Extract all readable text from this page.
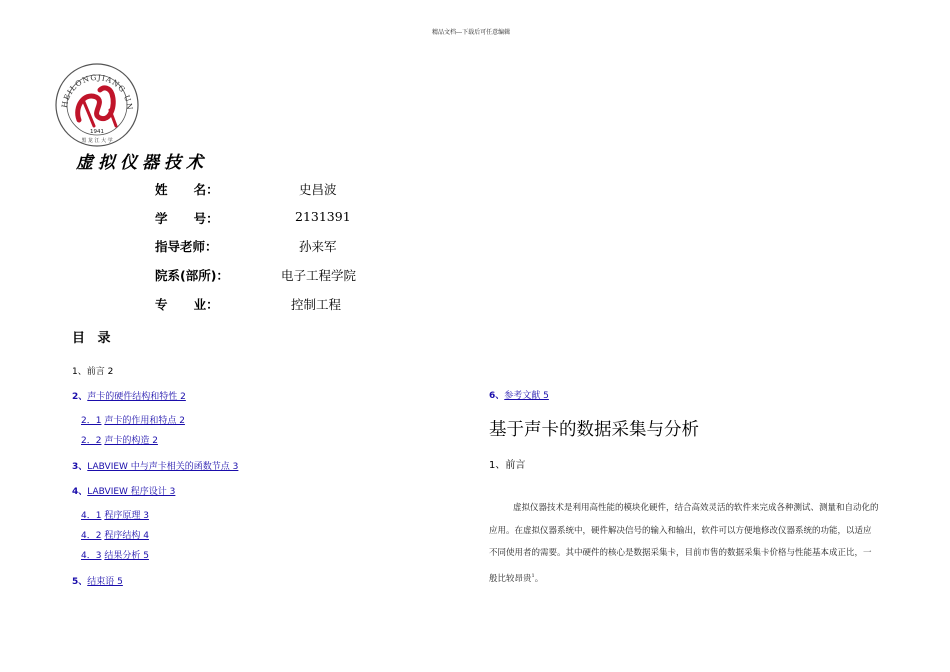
精品文档---下载后可任意编辑
HEILONGJIANG UN
1941
黑 龙 江 大 学
虚拟仪器技术
姓      名：	史昌波
学      号：	2131391
指导老师：	孙来军
院系(部所)：	电子工程学院
专      业：	控制工程
目 录
1、前言 2
2、声卡的硬件结构和特性 2
2．1 声卡的作用和特点 2
2．2 声卡的构造 2
3、LABVIEW 中与声卡相关的函数节点 3
4、LABVIEW 程序设计 3
4．1 程序原理 3
4．2 程序结构 4
4．3 结果分析 5
5、结束语 5
6、参考文献 5
基于声卡的数据采集与分析
1、前言
虚拟仪器技术是利用高性能的模块化硬件，结合高效灵活的软件来完成各种测试、测量和自动化的应用。在虚拟仪器系统中，硬件解决信号的输入和输出，软件可以方便地修改仪器系统的功能，以适应不同使用者的需要。其中硬件的核心是数据采集卡，目前市售的数据采集卡价格与性能基本成正比，一般比较昂贵$^1$。
